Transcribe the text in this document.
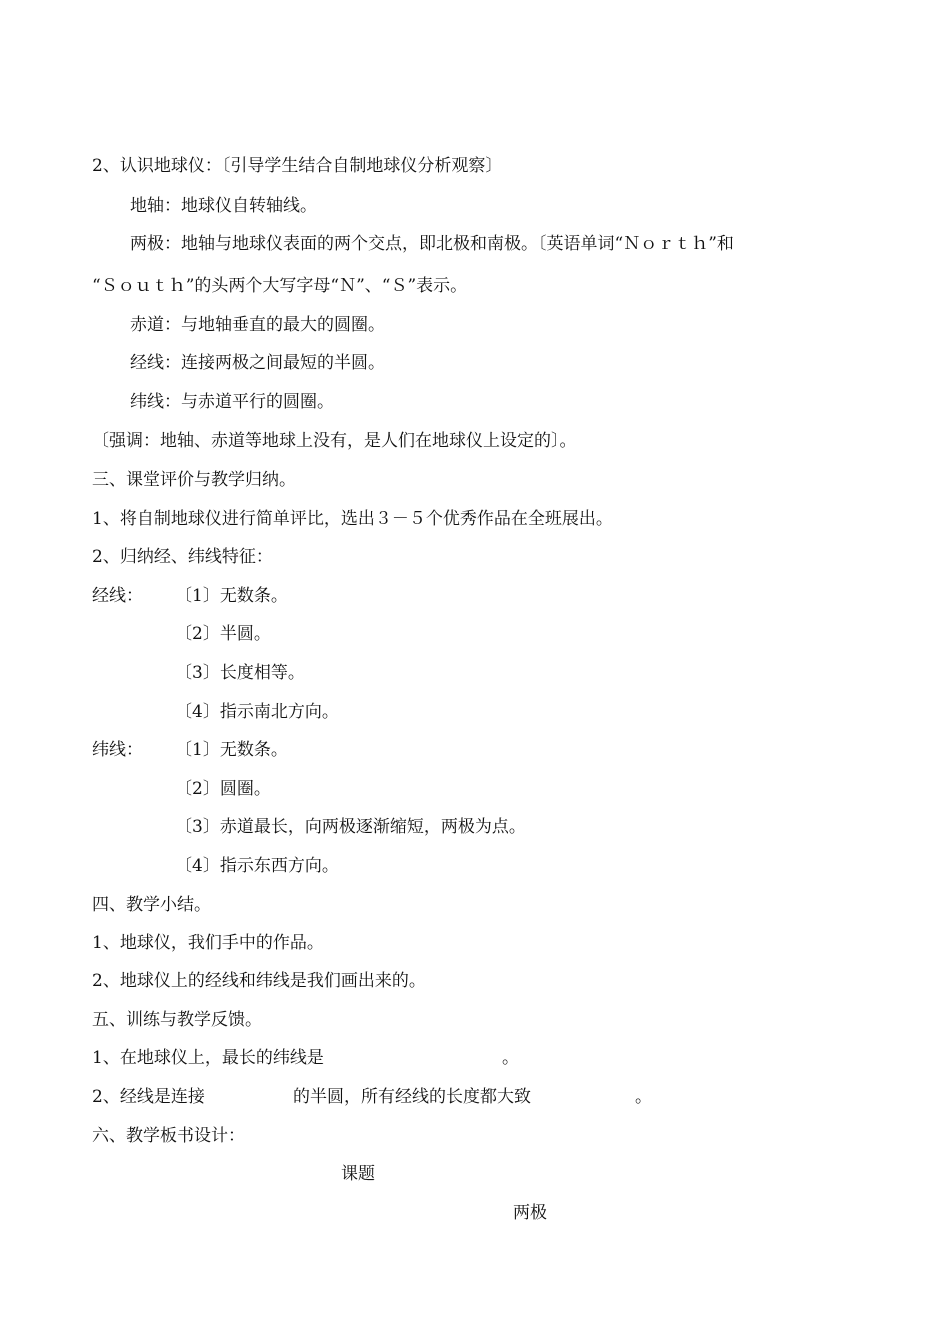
2、认识地球仪：〔引导学生结合自制地球仪分析观察〕
地轴：地球仪自转轴线。
两极：地轴与地球仪表面的两个交点，即北极和南极。〔英语单词“Ｎｏｒｔｈ”和
“Ｓｏｕｔｈ”的头两个大写字母“Ｎ”、“Ｓ”表示。
赤道：与地轴垂直的最大的圆圈。
经线：连接两极之间最短的半圆。
纬线：与赤道平行的圆圈。
〔强调：地轴、赤道等地球上没有，是人们在地球仪上设定的〕。
三、课堂评价与教学归纳。
1、将自制地球仪进行简单评比，选出３－５个优秀作品在全班展出。
2、归纳经、纬线特征：
经线： 〔1〕无数条。
〔2〕半圆。
〔3〕长度相等。
〔4〕指示南北方向。
纬线： 〔1〕无数条。
〔2〕圆圈。
〔3〕赤道最长，向两极逐渐缩短，两极为点。
〔4〕指示东西方向。
四、教学小结。
1、地球仪，我们手中的作品。
2、地球仪上的经线和纬线是我们画出来的。
五、训练与教学反馈。
1、在地球仪上，最长的纬线是	。
2、经线是连接	的半圆，所有经线的长度都大致	。
六、教学板书设计：
课题
两极
